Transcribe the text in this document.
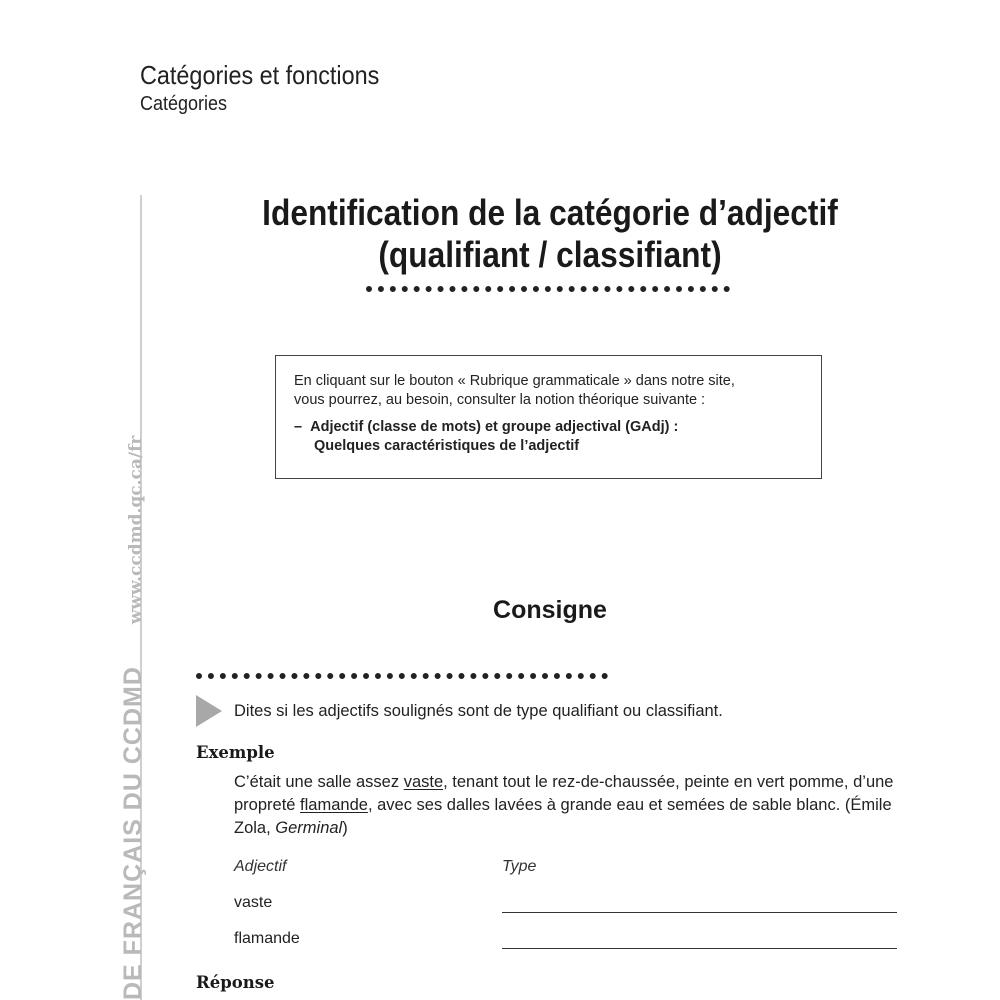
Catégories et fonctions
Catégories
DE FRANÇAIS DU CCDMDwww.ccdmd.qc.ca/fr
Identification de la catégorie d’adjectif
(qualifiant / classifiant)
En cliquant sur le bouton « Rubrique grammaticale » dans notre site,
vous pourrez, au besoin, consulter la notion théorique suivante :
– Adjectif (classe de mots) et groupe adjectival (GAdj) :
Quelques caractéristiques de l’adjectif
Consigne
Dites si les adjectifs soulignés sont de type qualifiant ou classifiant.
Exemple
C’était une salle assez vaste, tenant tout le rez-de-chaussée, peinte en vert pomme, d’une propreté flamande, avec ses dalles lavées à grande eau et semées de sable blanc. (Émile Zola, Germinal)
Adjectif	Type
vaste
flamande
Réponse
